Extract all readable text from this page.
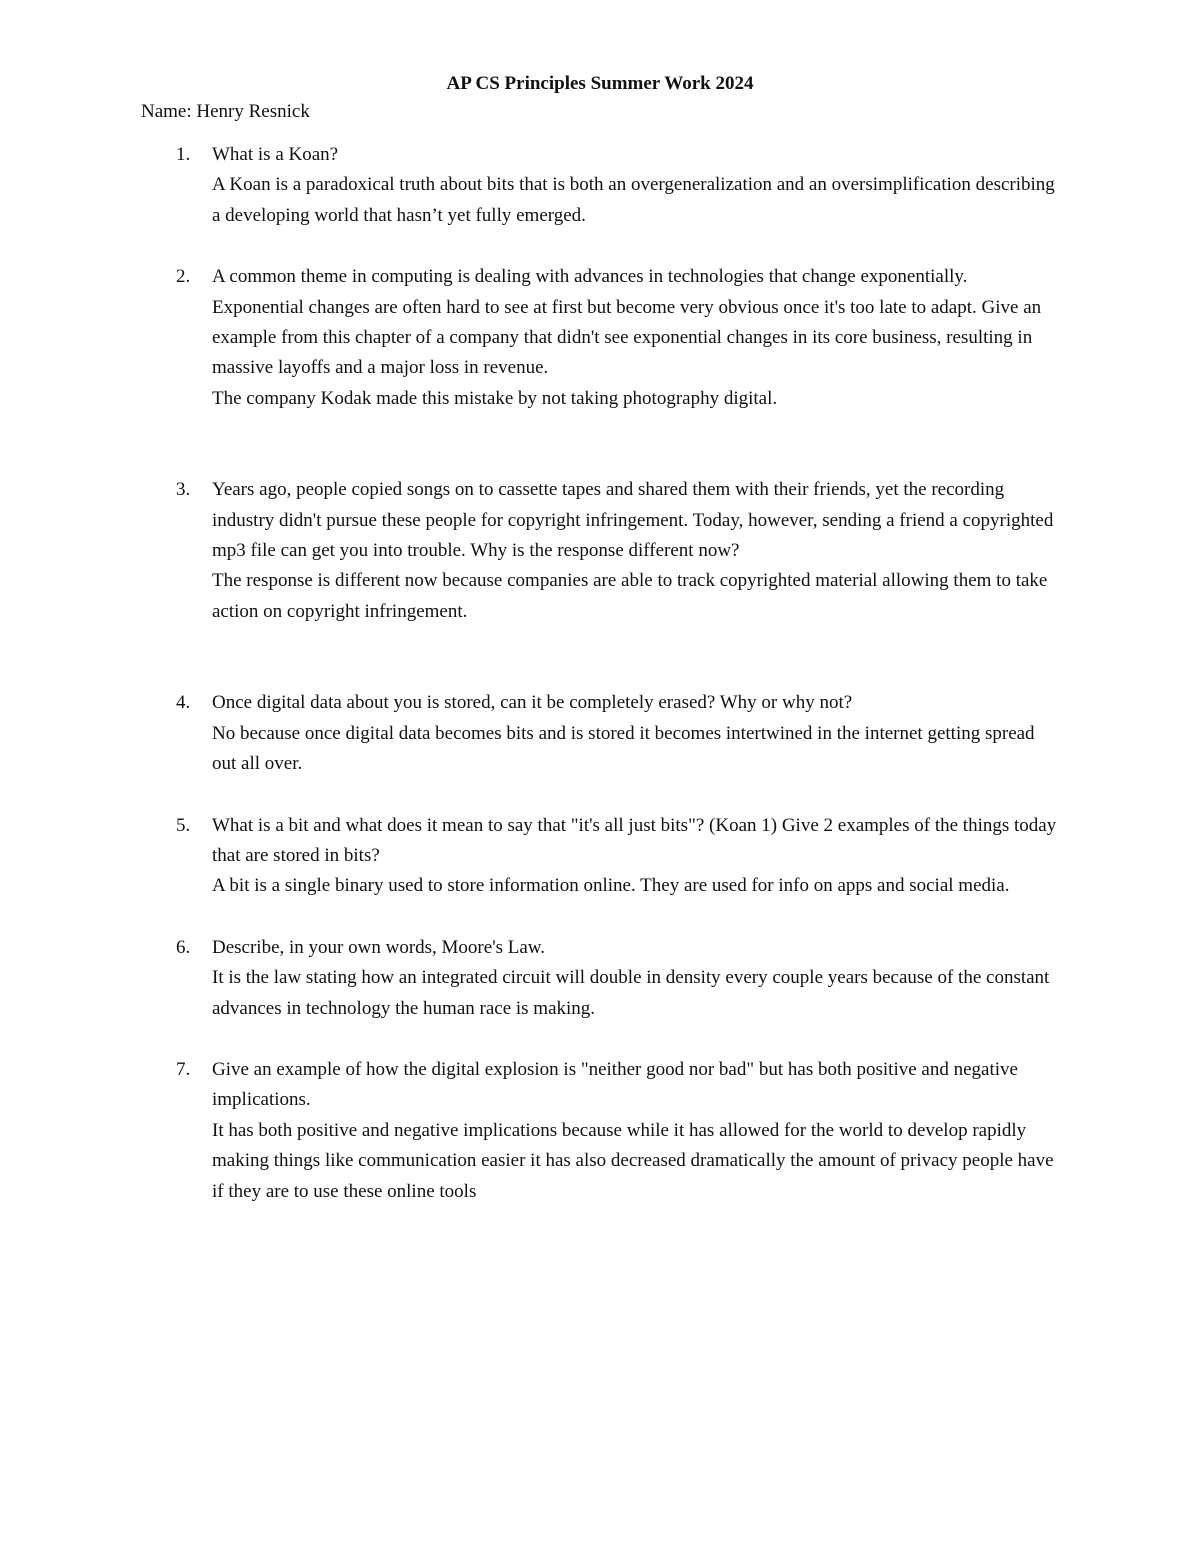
AP CS Principles Summer Work 2024
Name: Henry Resnick
1.	What is a Koan?

A Koan is a paradoxical truth about bits that is both an overgeneralization and an oversimplification describing a developing world that hasn’t yet fully emerged.

2.	A common theme in computing is dealing with advances in technologies that change exponentially. Exponential changes are often hard to see at first but become very obvious once it's too late to adapt. Give an example from this chapter of a company that didn't see exponential changes in its core business, resulting in massive layoffs and a major loss in revenue.

The company Kodak made this mistake by not taking photography digital.

3.	Years ago, people copied songs on to cassette tapes and shared them with their friends, yet the recording industry didn't pursue these people for copyright infringement. Today, however, sending a friend a copyrighted mp3 file can get you into trouble. Why is the response different now?

The response is different now because companies are able to track copyrighted material allowing them to take action on copyright infringement.

4.	Once digital data about you is stored, can it be completely erased? Why or why not?

No because once digital data becomes bits and is stored it becomes intertwined in the internet getting spread out all over.

5.	What is a bit and what does it mean to say that "it's all just bits"? (Koan 1) Give 2 examples of the things today that are stored in bits?

A bit is a single binary used to store information online. They are used for info on apps and social media.

6.	Describe, in your own words, Moore's Law.

It is the law stating how an integrated circuit will double in density every couple years because of the constant advances in technology the human race is making.

7.	Give an example of how the digital explosion is "neither good nor bad" but has both positive and negative implications.

It has both positive and negative implications because while it has allowed for the world to develop rapidly making things like communication easier it has also decreased dramatically the amount of privacy people have if they are to use these online tools
